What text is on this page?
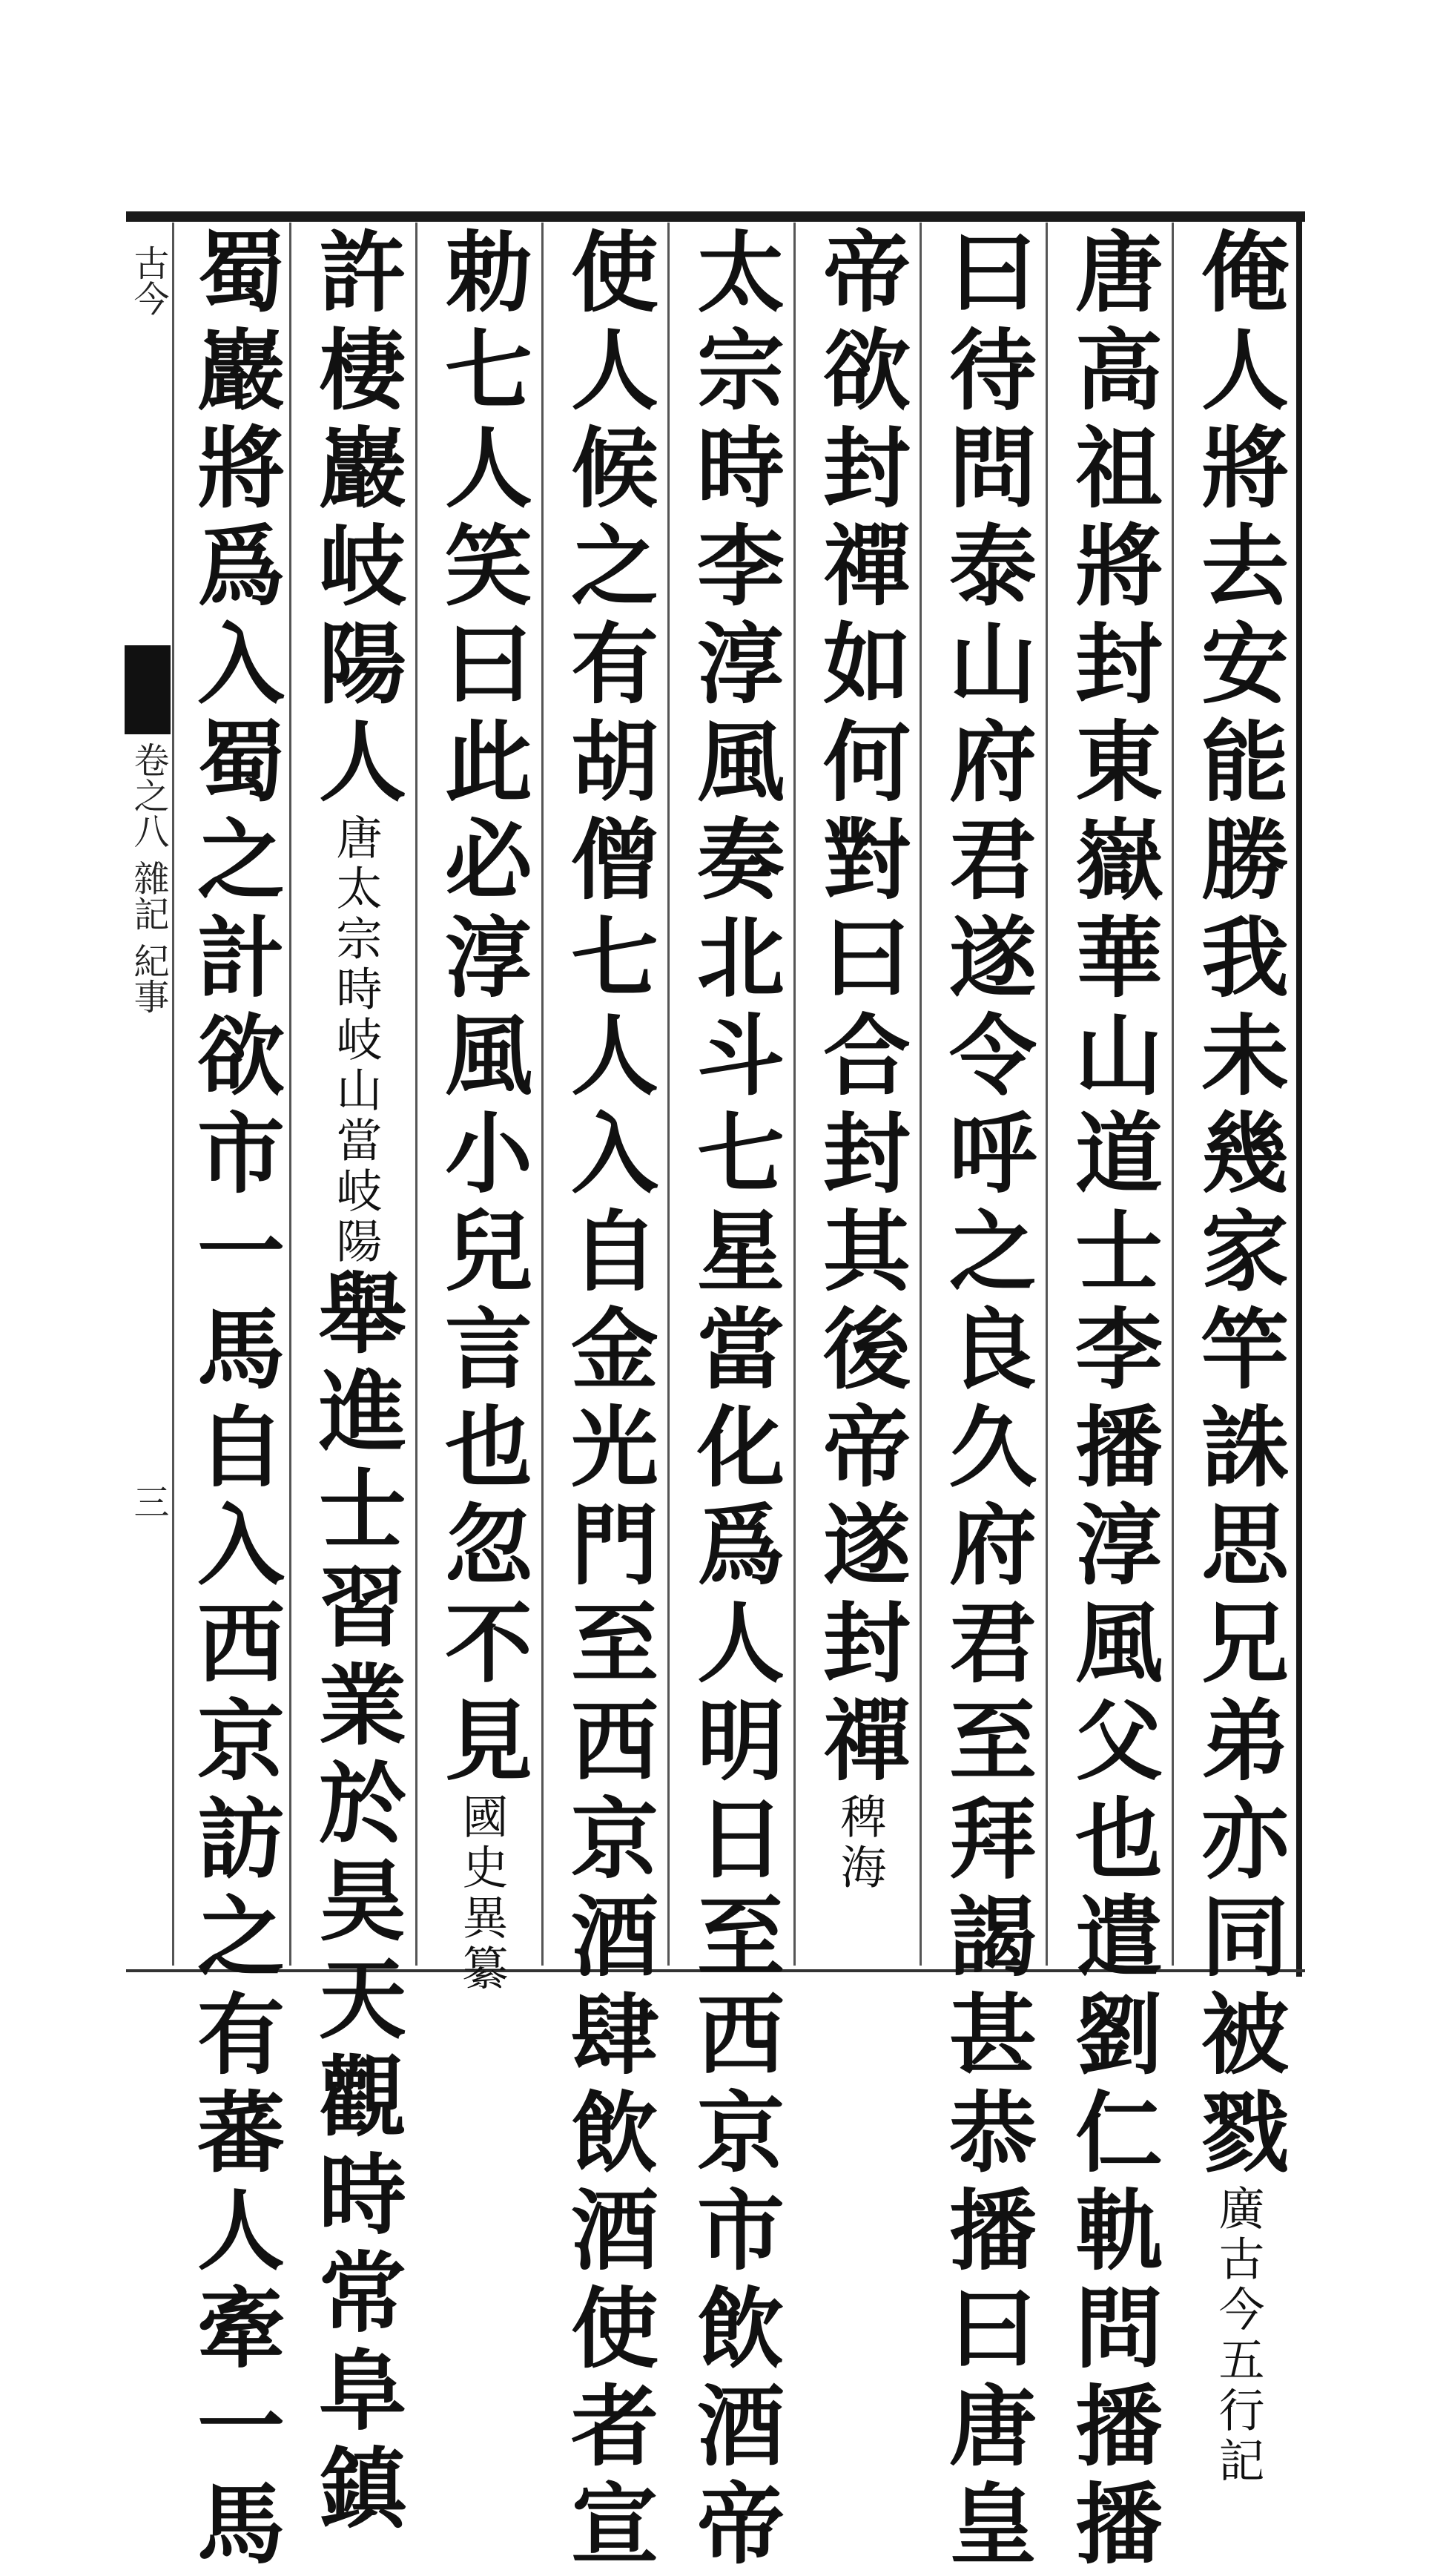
古今
卷之八 雜記 紀事
三	俺人將去安能勝我未幾家竿誅思兄弟亦同被戮廣古今五行記
唐高祖將封東嶽華山道士李播淳風父也遣劉仁軌問播播
曰待問泰山府君遂令呼之良久府君至拜謁甚恭播曰唐皇
帝欲封禪如何對曰合封其後帝遂封禪稗海
太宗時李淳風奏北斗七星當化爲人明日至西京市飲酒帝
使人候之有胡僧七人入自金光門至西京酒肆飲酒使者宣
勅七人笑曰此必淳風小兒言也忽不見國史異纂
許棲巖岐陽人唐太宗時岐山當岐陽舉進士習業於昊天觀時常阜鎮
蜀巖將爲入蜀之計欲市一馬自入西京訪之有蕃人牽一馬
